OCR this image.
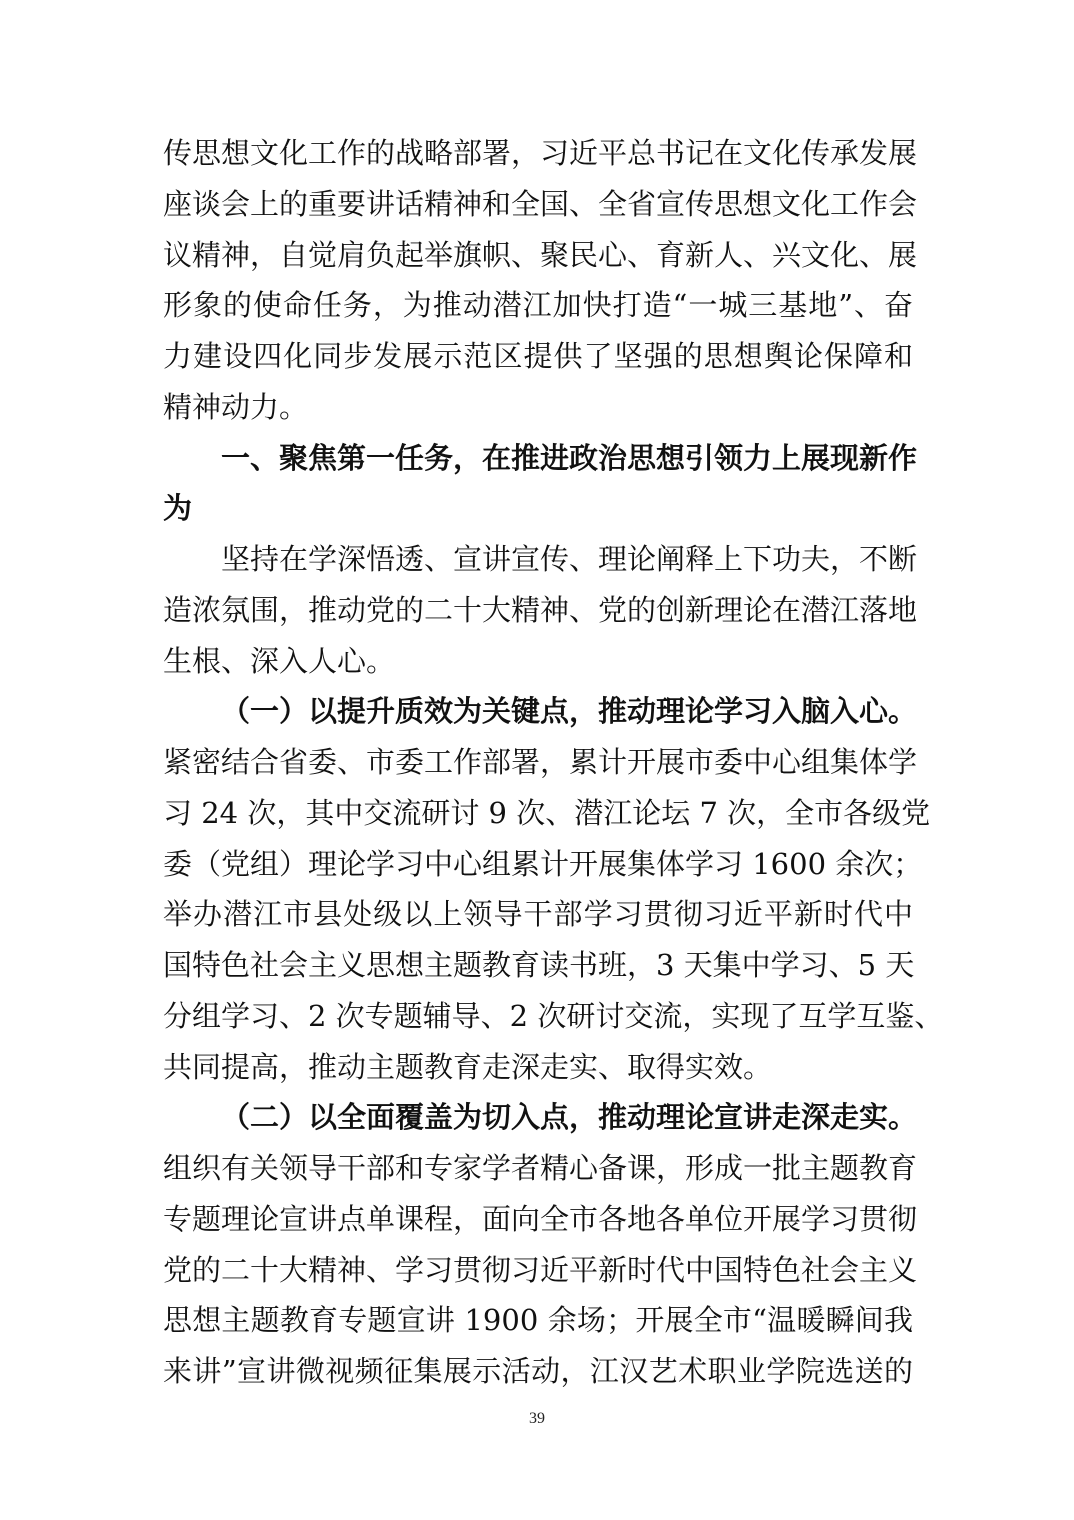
传思想文化工作的战略部署，习近平总书记在文化传承发展
座谈会上的重要讲话精神和全国、全省宣传思想文化工作会
议精神，自觉肩负起举旗帜、聚民心、育新人、兴文化、展
形象的使命任务，为推动潜江加快打造“一城三基地”、奋
力建设四化同步发展示范区提供了坚强的思想舆论保障和
精神动力。
一、聚焦第一任务，在推进政治思想引领力上展现新作
为
坚持在学深悟透、宣讲宣传、理论阐释上下功夫，不断
造浓氛围，推动党的二十大精神、党的创新理论在潜江落地
生根、深入人心。
（一）以提升质效为关键点，推动理论学习入脑入心。
紧密结合省委、市委工作部署，累计开展市委中心组集体学
习 24 次，其中交流研讨 9 次、潜江论坛 7 次，全市各级党
委（党组）理论学习中心组累计开展集体学习 1600 余次；
举办潜江市县处级以上领导干部学习贯彻习近平新时代中
国特色社会主义思想主题教育读书班，3 天集中学习、5 天
分组学习、2 次专题辅导、2 次研讨交流，实现了互学互鉴、
共同提高，推动主题教育走深走实、取得实效。
（二）以全面覆盖为切入点，推动理论宣讲走深走实。
组织有关领导干部和专家学者精心备课，形成一批主题教育
专题理论宣讲点单课程，面向全市各地各单位开展学习贯彻
党的二十大精神、学习贯彻习近平新时代中国特色社会主义
思想主题教育专题宣讲 1900 余场；开展全市“温暖瞬间我
来讲”宣讲微视频征集展示活动，江汉艺术职业学院选送的
39
